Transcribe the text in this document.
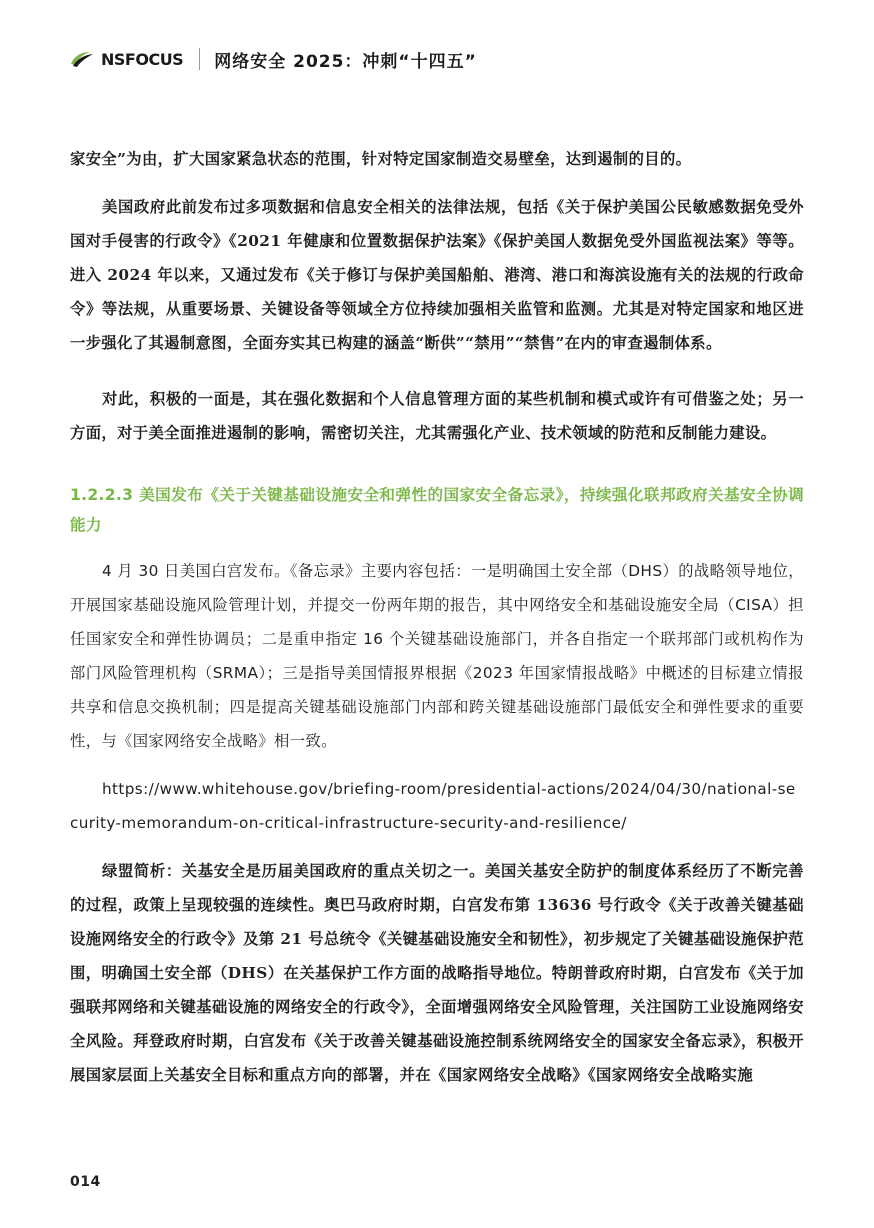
NSFOCUS 网络安全 2025：冲刺“十四五”

家安全”为由，扩大国家紧急状态的范围，针对特定国家制造交易壁垒，达到遏制的目的。

美国政府此前发布过多项数据和信息安全相关的法律法规，包括《关于保护美国公民敏感数据免受外国对手侵害的行政令》《2021 年健康和位置数据保护法案》《保护美国人数据免受外国监视法案》等等。进入 2024 年以来，又通过发布《关于修订与保护美国船舶、港湾、港口和海滨设施有关的法规的行政命令》等法规，从重要场景、关键设备等领域全方位持续加强相关监管和监测。尤其是对特定国家和地区进一步强化了其遏制意图，全面夯实其已构建的涵盖“断供”“禁用”“禁售”在内的审查遏制体系。

对此，积极的一面是，其在强化数据和个人信息管理方面的某些机制和模式或许有可借鉴之处；另一方面，对于美全面推进遏制的影响，需密切关注，尤其需强化产业、技术领域的防范和反制能力建设。

1.2.2.3 美国发布《关于关键基础设施安全和弹性的国家安全备忘录》，持续强化联邦政府关基安全协调能力

4 月 30 日美国白宫发布。《备忘录》主要内容包括：一是明确国土安全部（DHS）的战略领导地位，开展国家基础设施风险管理计划，并提交一份两年期的报告，其中网络安全和基础设施安全局（CISA）担任国家安全和弹性协调员；二是重申指定 16 个关键基础设施部门，并各自指定一个联邦部门或机构作为部门风险管理机构（SRMA）；三是指导美国情报界根据《2023 年国家情报战略》中概述的目标建立情报共享和信息交换机制；四是提高关键基础设施部门内部和跨关键基础设施部门最低安全和弹性要求的重要性，与《国家网络安全战略》相一致。

https://www.whitehouse.gov/briefing-room/presidential-actions/2024/04/30/national-security-memorandum-on-critical-infrastructure-security-and-resilience/

绿盟简析：关基安全是历届美国政府的重点关切之一。美国关基安全防护的制度体系经历了不断完善的过程，政策上呈现较强的连续性。奥巴马政府时期，白宫发布第 13636 号行政令《关于改善关键基础设施网络安全的行政令》及第 21 号总统令《关键基础设施安全和韧性》，初步规定了关键基础设施保护范围，明确国土安全部（DHS）在关基保护工作方面的战略指导地位。特朗普政府时期，白宫发布《关于加强联邦网络和关键基础设施的网络安全的行政令》，全面增强网络安全风险管理，关注国防工业设施网络安全风险。拜登政府时期，白宫发布《关于改善关键基础设施控制系统网络安全的国家安全备忘录》，积极开展国家层面上关基安全目标和重点方向的部署，并在《国家网络安全战略》《国家网络安全战略实施

014
